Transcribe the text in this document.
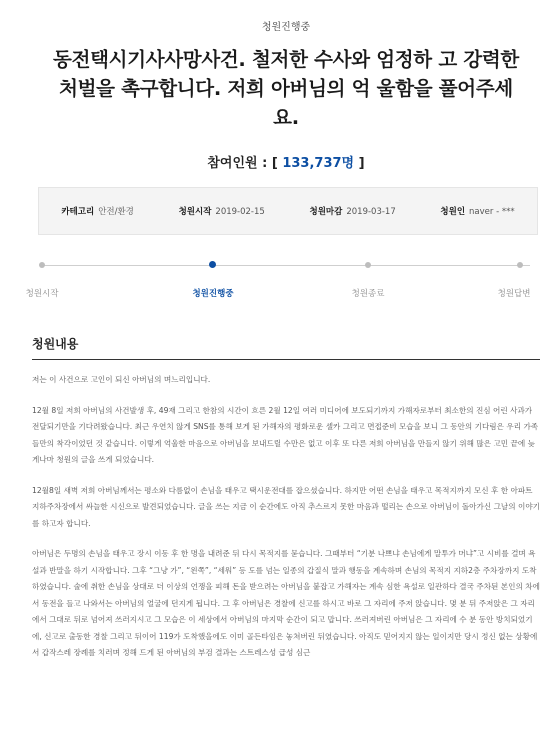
청원진행중
동전택시기사사망사건. 철저한 수사와 엄정하 고 강력한 처벌을 촉구합니다. 저희 아버님의 억 울함을 풀어주세요.
참여인원 : [ 133,737명 ]
카테고리 안전/환경	청원시작 2019-02-15	청원마감 2019-03-17	청원인 naver - ***
청원시작	청원진행중	청원종료	청원답변
청원내용

저는 이 사건으로 고인이 되신 아버님의 며느리입니다.

12월 8일 저희 아버님의 사건발생 후, 49재 그리고 한참의 시간이 흐른 2월 12일 여러 미디어에 보도되기까지 가해자로부터 최소한의 진심 어린 사과가 전달되기만을 기다려왔습니다. 최근 우연치 않게 SNS를 통해 보게 된 가해자의 평화로운 셀카 그리고 면접준비 모습을 보니 그 동안의 기다림은 우리 가족들만의 착각이었던 것 같습니다. 이렇게 억울한 마음으로 아버님을 보내드릴 수만은 없고 이후 또 다른 저희 아버님을 만들지 않기 위해 많은 고민 끝에 늦게나마 청원의 글을 쓰게 되었습니다.

12월8일 새벽 저희 아버님께서는 평소와 다름없이 손님을 태우고 택시운전대를 잡으셨습니다. 하지만 어떤 손님을 태우고 목적지까지 모신 후 한 아파트 지하주차장에서 싸늘한 시신으로 발견되었습니다. 글을 쓰는 지금 이 순간에도 아직 추스르지 못한 마음과 떨리는 손으로 아버님이 돌아가신 그날의 이야기를 하고자 합니다.

아버님은 두명의 손님을 태우고 장시 이동 후 한 명을 내려준 뒤 다시 목적지를 묻습니다. 그때부터 “기분 나쁘냐 손님에게 말투가 머냐”고 시비를 걸며 욕설과 반말을 하기 시작합니다. 그후 “그냥 가”, “왼쪽”, “세워” 등 도를 넘는 일종의 갑질식 말과 행동을 계속하며 손님의 목적지 지하2층 주차장까지 도착하였습니다. 술에 취한 손님을 상대로 더 이상의 언쟁을 피해 돈을 받으려는 아버님을 붙잡고 가해자는 계속 심한 욕설로 일관하다 결국 주차된 본인의 차에서 동전을 들고 나와서는 아버님의 얼굴에 던지게 됩니다. 그 후 아버님은 경찰에 신고를 하시고 바로 그 자리에 주저 앉습니다. 몇 분 뒤 주저앉은 그 자리에서 그대로 뒤로 넘어져 쓰러지시고 그 모습은 이 세상에서 아버님의 마지막 순간이 되고 맙니다. 쓰러져버린 아버님은 그 자리에 수 분 동안 방치되었기에, 신고로 출동한 경찰 그리고 뒤이어 119가 도착했을에도 이미 골든타임은 놓쳐버린 뒤였습니다. 아직도 믿어지지 않는 일이지만 당시 정신 없는 상황에서 갑작스레 장례를 치러며 정해 드게 된 아버님의 부검 결과는 스트레스성 급성 심근
